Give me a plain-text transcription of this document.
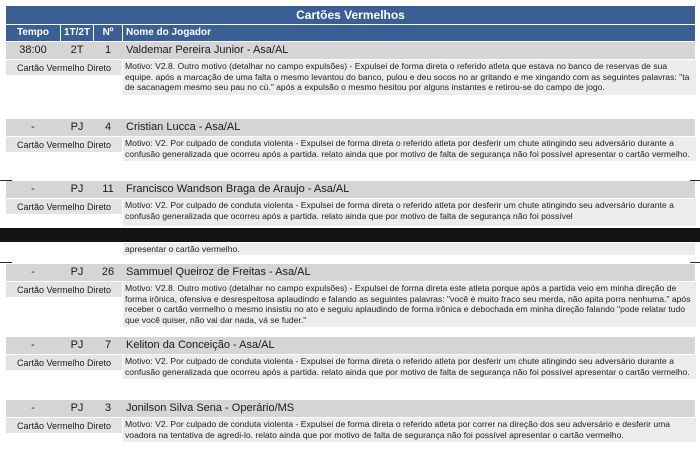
Cartões Vermelhos
Tempo	1T/2T	Nº	Nome do Jogador
38:00	2T	1	Valdemar Pereira Junior - Asa/AL
Cartão Vermelho Direto	Motivo: V2.8. Outro motivo (detalhar no campo expulsões) - Expulsei de forma direta o referido atleta que estava no banco de reservas de sua equipe. após a marcação de uma falta o mesmo levantou do banco, pulou e deu socos no ar gritando e me xingando com as seguintes palavras: "ta de sacanagem mesmo seu pau no cú." após a expulsão o mesmo hesitou por alguns instantes e retirou-se do campo de jogo.
-	PJ	4	Cristian Lucca - Asa/AL
Cartão Vermelho Direto	Motivo: V2. Por culpado de conduta violenta - Expulsei de forma direta o referido atleta por desferir um chute atingindo seu adversário durante a confusão generalizada que ocorreu após a partida. relato ainda que por motivo de falta de segurança não foi possível apresentar o cartão vermelho.
-	PJ	11	Francisco Wandson Braga de Araujo - Asa/AL
Cartão Vermelho Direto	Motivo: V2. Por culpado de conduta violenta - Expulsei de forma direta o referido atleta por desferir um chute atingindo seu adversário durante a confusão generalizada que ocorreu após a partida. relato ainda que por motivo de falta de segurança não foi possível
apresentar o cartão vermelho.
-	PJ	26	Sammuel Queiroz de Freitas - Asa/AL
Cartão Vermelho Direto	Motivo: V2.8. Outro motivo (detalhar no campo expulsões) - Expulsei de forma direta este atleta porque após a partida veio em minha direção de forma irônica, ofensiva e desrespeitosa aplaudindo e falando as seguintes palavras: "você é muito fraco seu merda, não apita porra nenhuma." após receber o cartão vermelho o mesmo insistiu no ato e seguiu aplaudindo de forma irônica e debochada em minha direção falando "pode relatar tudo que você quiser, não vai dar nada, vá se fuder."
-	PJ	7	Keliton da Conceição - Asa/AL
Cartão Vermelho Direto	Motivo: V2. Por culpado de conduta violenta - Expulsei de forma direta o referido atleta por desferir um chute atingindo seu adversário durante a confusão generalizada que ocorreu após a partida. relato ainda que por motivo de falta de segurança não foi possível apresentar o cartão vermelho.
-	PJ	3	Jonilson Silva Sena - Operário/MS
Cartão Vermelho Direto	Motivo: V2. Por culpado de conduta violenta - Expulsei de forma direta o referido atleta por correr na direção dos seu adversário e desferir uma voadora na tentativa de agredi-lo. relato ainda que por motivo de falta de segurança não foi possível apresentar o cartão vermelho.
